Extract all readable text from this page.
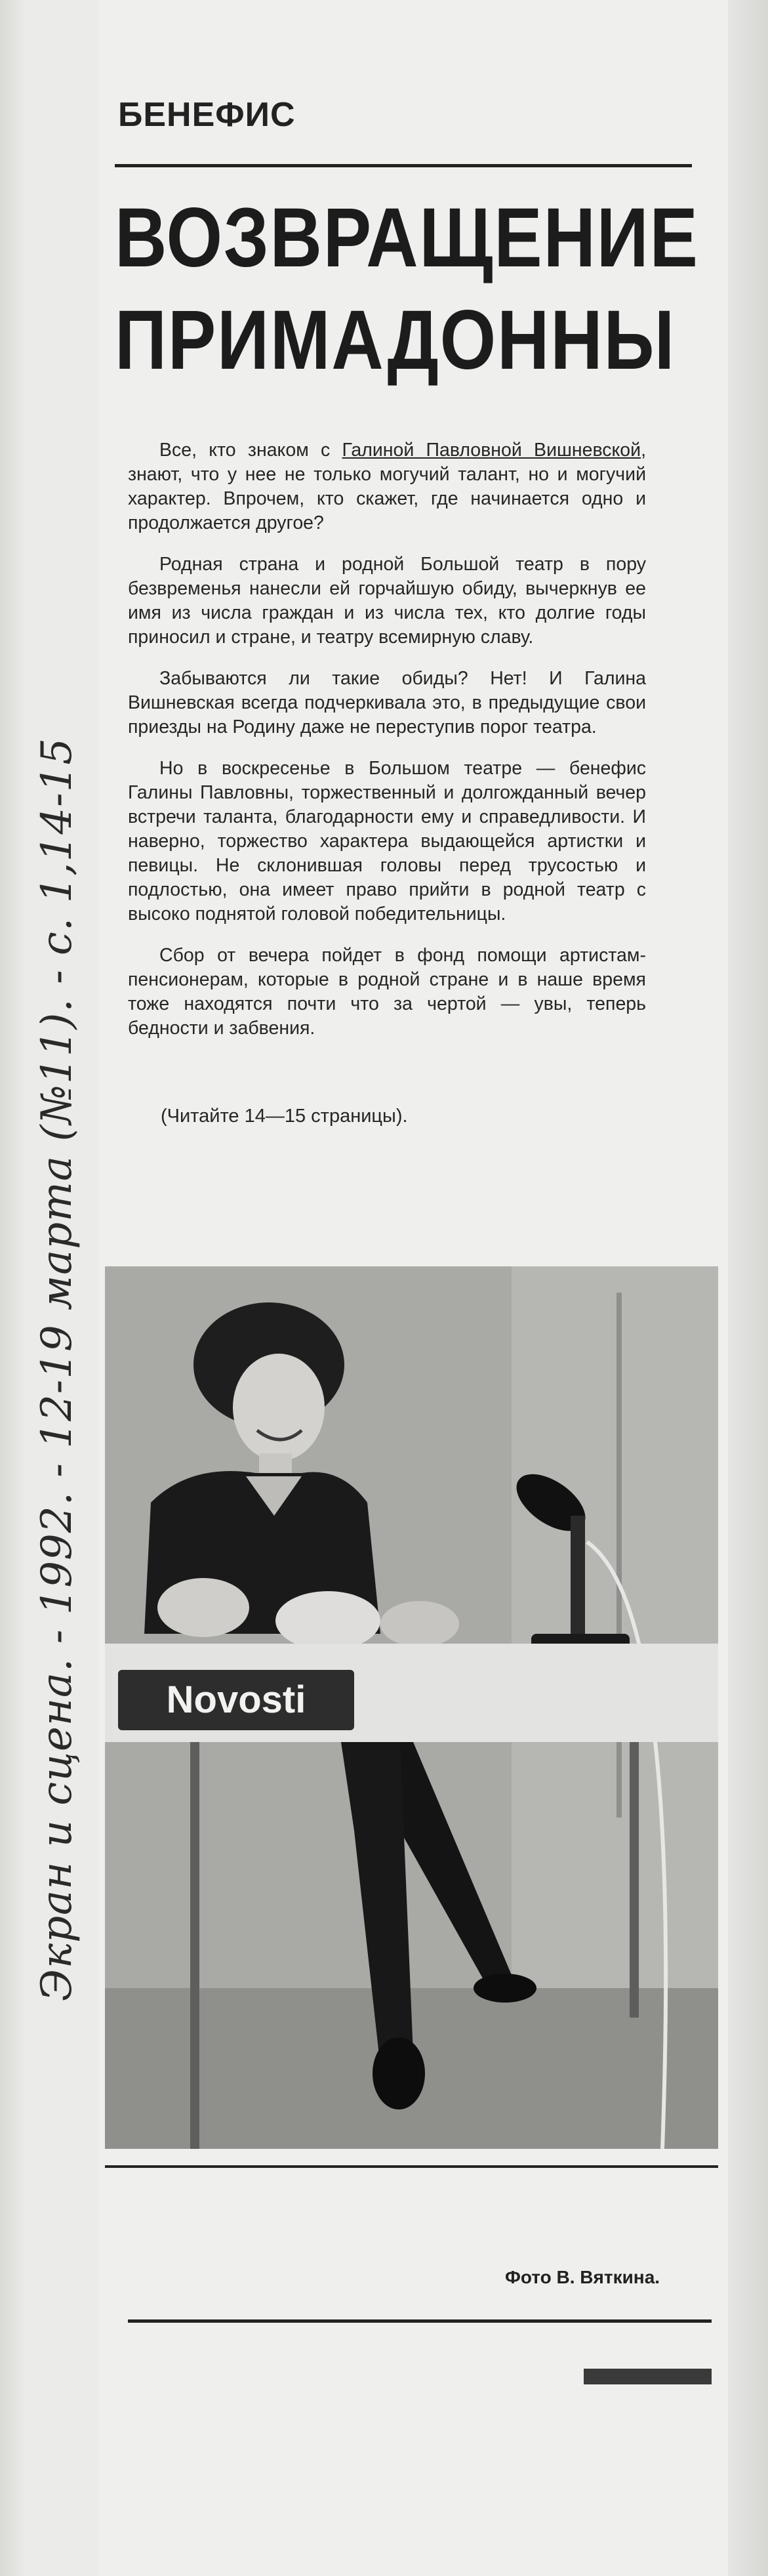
БЕНЕФИС
ВОЗВРАЩЕНИЕ
ПРИМАДОННЫ

Все, кто знаком с Галиной Павловной Вишневской, знают, что у нее не только могучий талант, но и могучий характер. Впрочем, кто скажет, где начинается одно и продолжается другое?

Родная страна и родной Большой театр в пору безвременья нанесли ей горчайшую обиду, вычеркнув ее имя из числа граждан и из числа тех, кто долгие годы приносил и стране, и театру всемирную славу.

Забываются ли такие обиды? Нет! И Галина Вишневская всегда подчеркивала это, в предыдущие свои приезды на Родину даже не переступив порог театра.

Но в воскресенье в Большом театре — бенефис Галины Павловны, торжественный и долгожданный вечер встречи таланта, благодарности ему и справедливости. И наверно, торжество характера выдающейся артистки и певицы. Не склонившая головы перед трусостью и подлостью, она имеет право прийти в родной театр с высоко поднятой головой победительницы.

Сбор от вечера пойдет в фонд помощи артистам-пенсионерам, которые в родной стране и в наше время тоже находятся почти что за чертой — увы, теперь бедности и забвения.

(Читайте 14—15 страницы).
Экран и сцена. - 1992. - 12-19 марта (№11). - с. 1,14-15 Novosti
Фото В. Вяткина.
